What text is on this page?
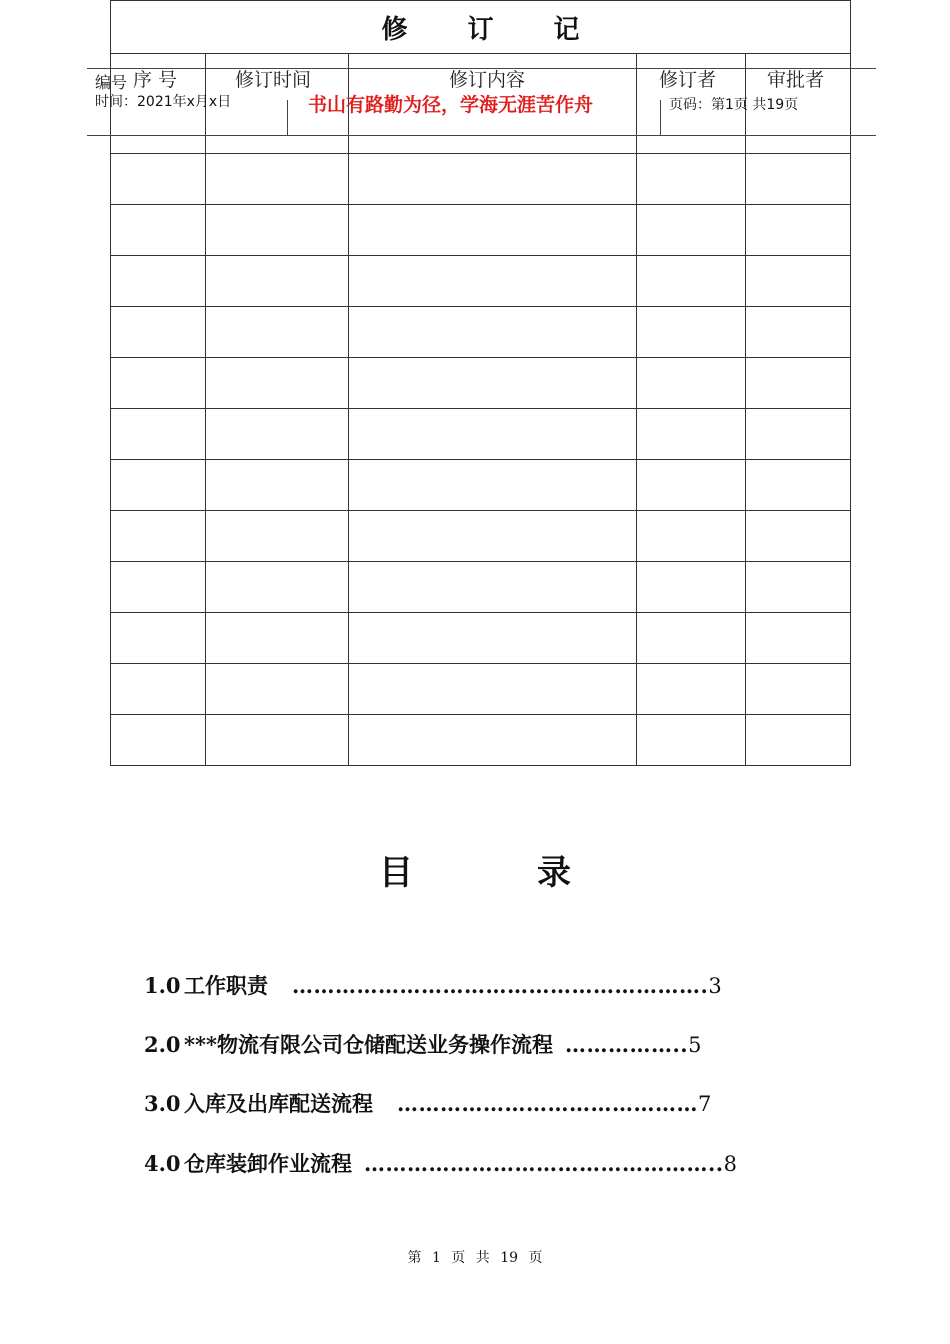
修 订 记
序 号	修订时间	修订内容	修订者	审批者
编号
时间：2021年x月x日	书山有路勤为径，学海无涯苦作舟	页码：第1页 共19页
目	录
1.0 工作职责 …………………………………………………. 3
2.0 ***物流有限公司仓储配送业务操作流程 …………….. 5
3.0 入库及出库配送流程 …………………………………… 7
4.0 仓库装卸作业流程 ………………………………………….. 8
第 1 页 共 19 页
